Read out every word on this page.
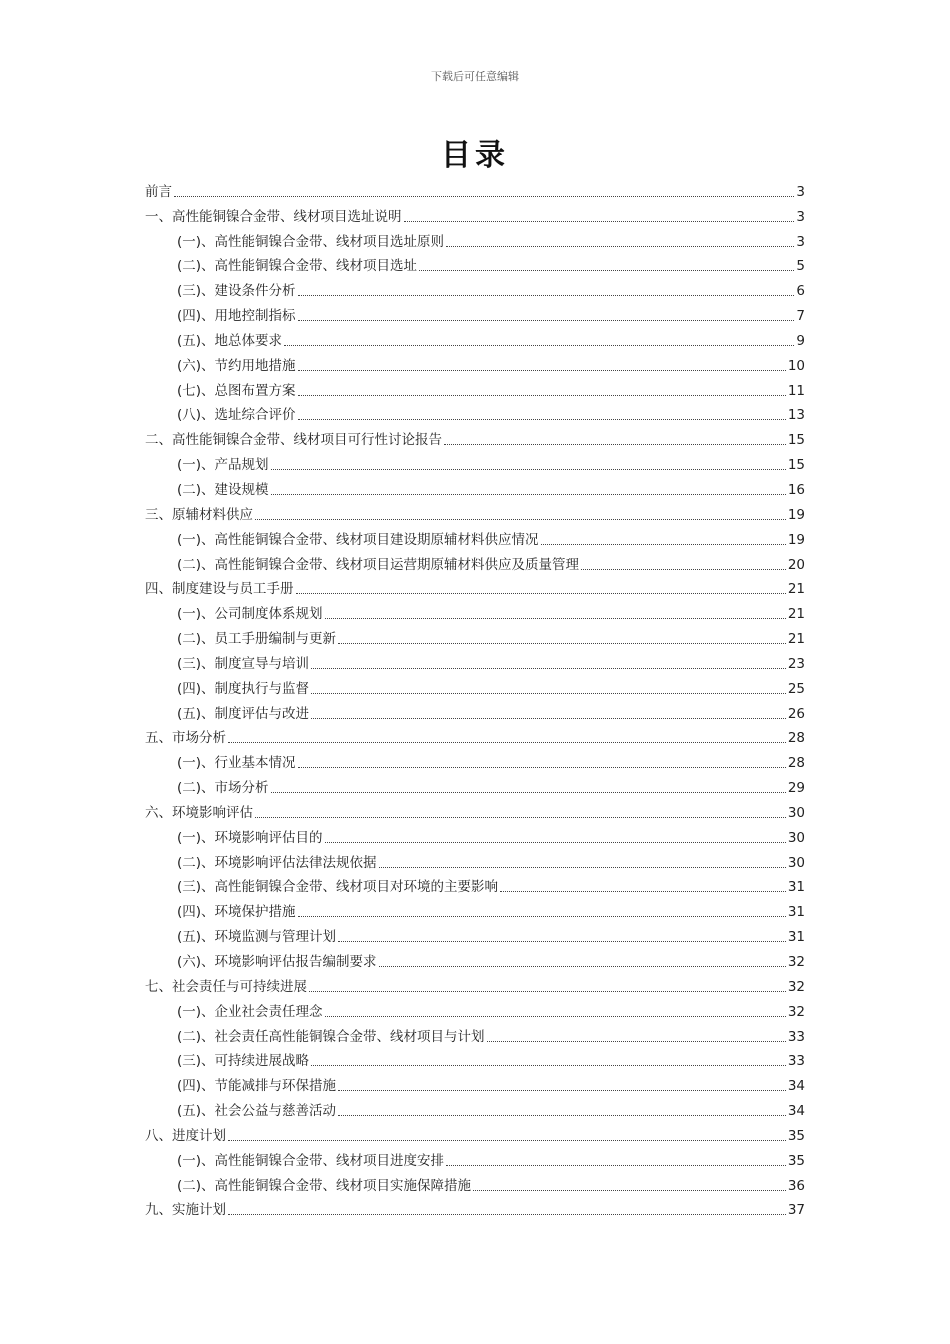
下载后可任意编辑
目录
前言	3
一、高性能铜镍合金带、线材项目选址说明	3
(一)、高性能铜镍合金带、线材项目选址原则	3
(二)、高性能铜镍合金带、线材项目选址	5
(三)、建设条件分析	6
(四)、用地控制指标	7
(五)、地总体要求	9
(六)、节约用地措施	10
(七)、总图布置方案	11
(八)、选址综合评价	13
二、高性能铜镍合金带、线材项目可行性讨论报告	15
(一)、产品规划	15
(二)、建设规模	16
三、原辅材料供应	19
(一)、高性能铜镍合金带、线材项目建设期原辅材料供应情况	19
(二)、高性能铜镍合金带、线材项目运营期原辅材料供应及质量管理	20
四、制度建设与员工手册	21
(一)、公司制度体系规划	21
(二)、员工手册编制与更新	21
(三)、制度宣导与培训	23
(四)、制度执行与监督	25
(五)、制度评估与改进	26
五、市场分析	28
(一)、行业基本情况	28
(二)、市场分析	29
六、环境影响评估	30
(一)、环境影响评估目的	30
(二)、环境影响评估法律法规依据	30
(三)、高性能铜镍合金带、线材项目对环境的主要影响	31
(四)、环境保护措施	31
(五)、环境监测与管理计划	31
(六)、环境影响评估报告编制要求	32
七、社会责任与可持续进展	32
(一)、企业社会责任理念	32
(二)、社会责任高性能铜镍合金带、线材项目与计划	33
(三)、可持续进展战略	33
(四)、节能减排与环保措施	34
(五)、社会公益与慈善活动	34
八、进度计划	35
(一)、高性能铜镍合金带、线材项目进度安排	35
(二)、高性能铜镍合金带、线材项目实施保障措施	36
九、实施计划	37
